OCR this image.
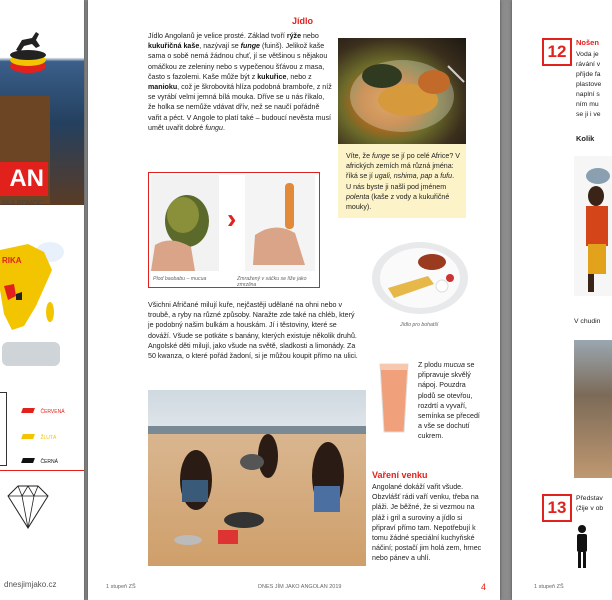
AN
NÍ A POMOC
RIKA
ČERVENÁ
ŽLUTÁ
ČERNÁ
dnesjimjako.cz
Jídlo
Jídlo Angolanů je velice prosté. Základ tvoří rýže nebo kukuřičná kaše, nazývají se funge (fuinš). Jelikož kaše sama o sobě nemá žádnou chuť, jí se většinou s nějakou omáčkou ze zeleniny nebo s vypečenou šťávou z masa, často s fazolemi. Kaše může být z kukuřice, nebo z manioku, což je škrobovitá hlíza podobná bramboře, z níž se vyrábí velmi jemná bílá mouka. Dříve se u nás říkalo, že holka se nemůže vdávat dřív, než se naučí pořádně vařit a péct. V Angole to platí také – budoucí nevěsta musí umět uvařit dobré fungu.
Víte, že funge se jí po celé Africe? V afrických zemích má různá jména: říká se jí ugali, nshima, pap a fufu. U nás byste ji našli pod jménem polenta (kaše z vody a kukuřičné mouky).
›
Plod baobabu – mucua	Zmražený v sáčku se líže jako zmrzlina
Jídlo pro bohatší
Všichni Afričané milují kuře, nejčastěji udělané na ohni nebo v troubě, a ryby na různé způsoby. Naražte zde také na chléb, který je podobný našim bulkám a houskám. Jí i těstoviny, které se dováží. Všude se potkáte s banány, kterých existuje několik druhů. Angolské děti milují, jako všude na světě, sladkosti a limonády. Za 50 kwanza, o které pořád žadoní, si je můžou koupit přímo na ulici.
Z plodu mucua se připravuje skvělý nápoj. Pouzdra plodů se otevřou, rozdrtí a vyvaří, semínka se přecedí a vše se dochutí cukrem.
Vaření venku
Angolané dokáží vařit všude. Obzvlášť rádi vaří venku, třeba na pláži. Je běžné, že si vezmou na pláž i gril a suroviny a jídlo si připraví přímo tam. Nepotřebují k tomu žádné speciální kuchyňské náčiní; postačí jim holá zem, hrnec nebo pánev a uhlí.
1 stupeň ZŠ	DNES JÍM JAKO ANGOLAN 2019	4
12	Nošen
Voda je
rávání v
příjde fa
plastove
naplní s
ním mu
se ji i ve
Kolik
V chudin
13	Představ
(žije v ob
1 stupeň ZŠ
